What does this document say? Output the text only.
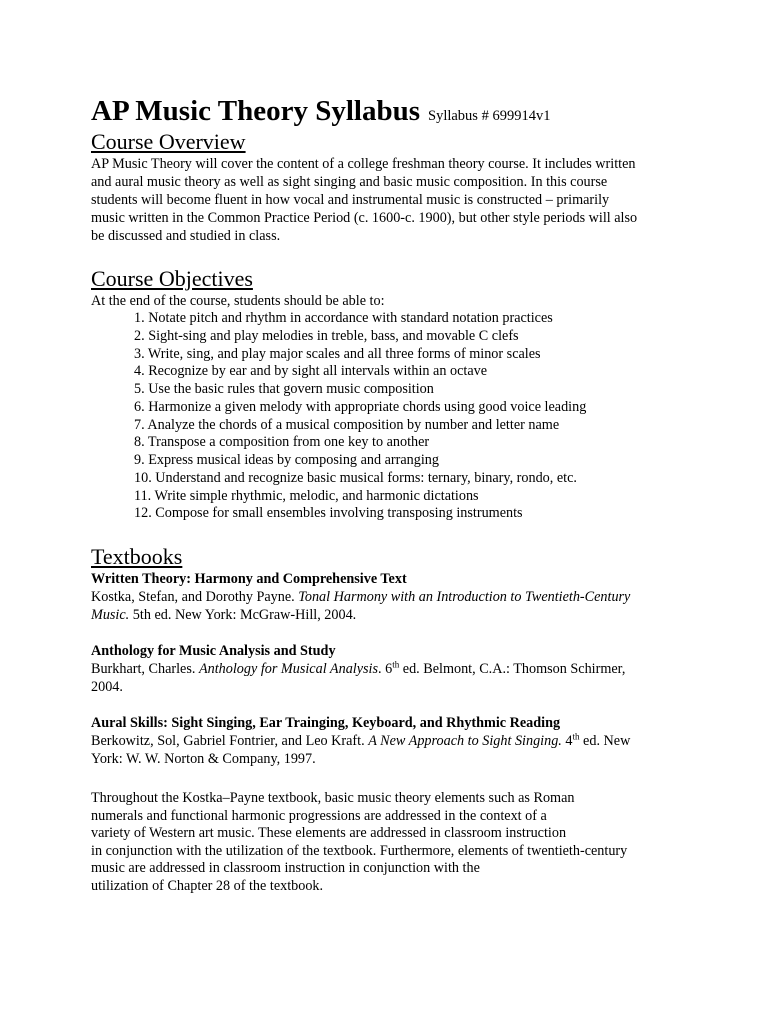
AP Music Theory Syllabus Syllabus # 699914v1
Course Overview

AP Music Theory will cover the content of a college freshman theory course. It includes written
and aural music theory as well as sight singing and basic music composition. In this course
students will become fluent in how vocal and instrumental music is constructed – primarily
music written in the Common Practice Period (c. 1600-c. 1900), but other style periods will also
be discussed and studied in class.

Course Objectives

At the end of the course, students should be able to:

1. Notate pitch and rhythm in accordance with standard notation practices
2. Sight-sing and play melodies in treble, bass, and movable C clefs
3. Write, sing, and play major scales and all three forms of minor scales
4. Recognize by ear and by sight all intervals within an octave
5. Use the basic rules that govern music composition
6. Harmonize a given melody with appropriate chords using good voice leading
7. Analyze the chords of a musical composition by number and letter name
8. Transpose a composition from one key to another
9. Express musical ideas by composing and arranging
10. Understand and recognize basic musical forms: ternary, binary, rondo, etc.
11. Write simple rhythmic, melodic, and harmonic dictations
12. Compose for small ensembles involving transposing instruments
Textbooks

Written Theory: Harmony and Comprehensive Text

Kostka, Stefan, and Dorothy Payne. Tonal Harmony with an Introduction to Twentieth-Century
Music. 5th ed. New York: McGraw-Hill, 2004.

Anthology for Music Analysis and Study

Burkhart, Charles. Anthology for Musical Analysis. 6th ed. Belmont, C.A.: Thomson Schirmer,
2004.

Aural Skills: Sight Singing, Ear Trainging, Keyboard, and Rhythmic Reading

Berkowitz, Sol, Gabriel Fontrier, and Leo Kraft. A New Approach to Sight Singing. 4th ed. New
York: W. W. Norton & Company, 1997.

Throughout the Kostka–Payne textbook, basic music theory elements such as Roman
numerals and functional harmonic progressions are addressed in the context of a
variety of Western art music. These elements are addressed in classroom instruction
in conjunction with the utilization of the textbook. Furthermore, elements of twentieth-century
music are addressed in classroom instruction in conjunction with the
utilization of Chapter 28 of the textbook.
